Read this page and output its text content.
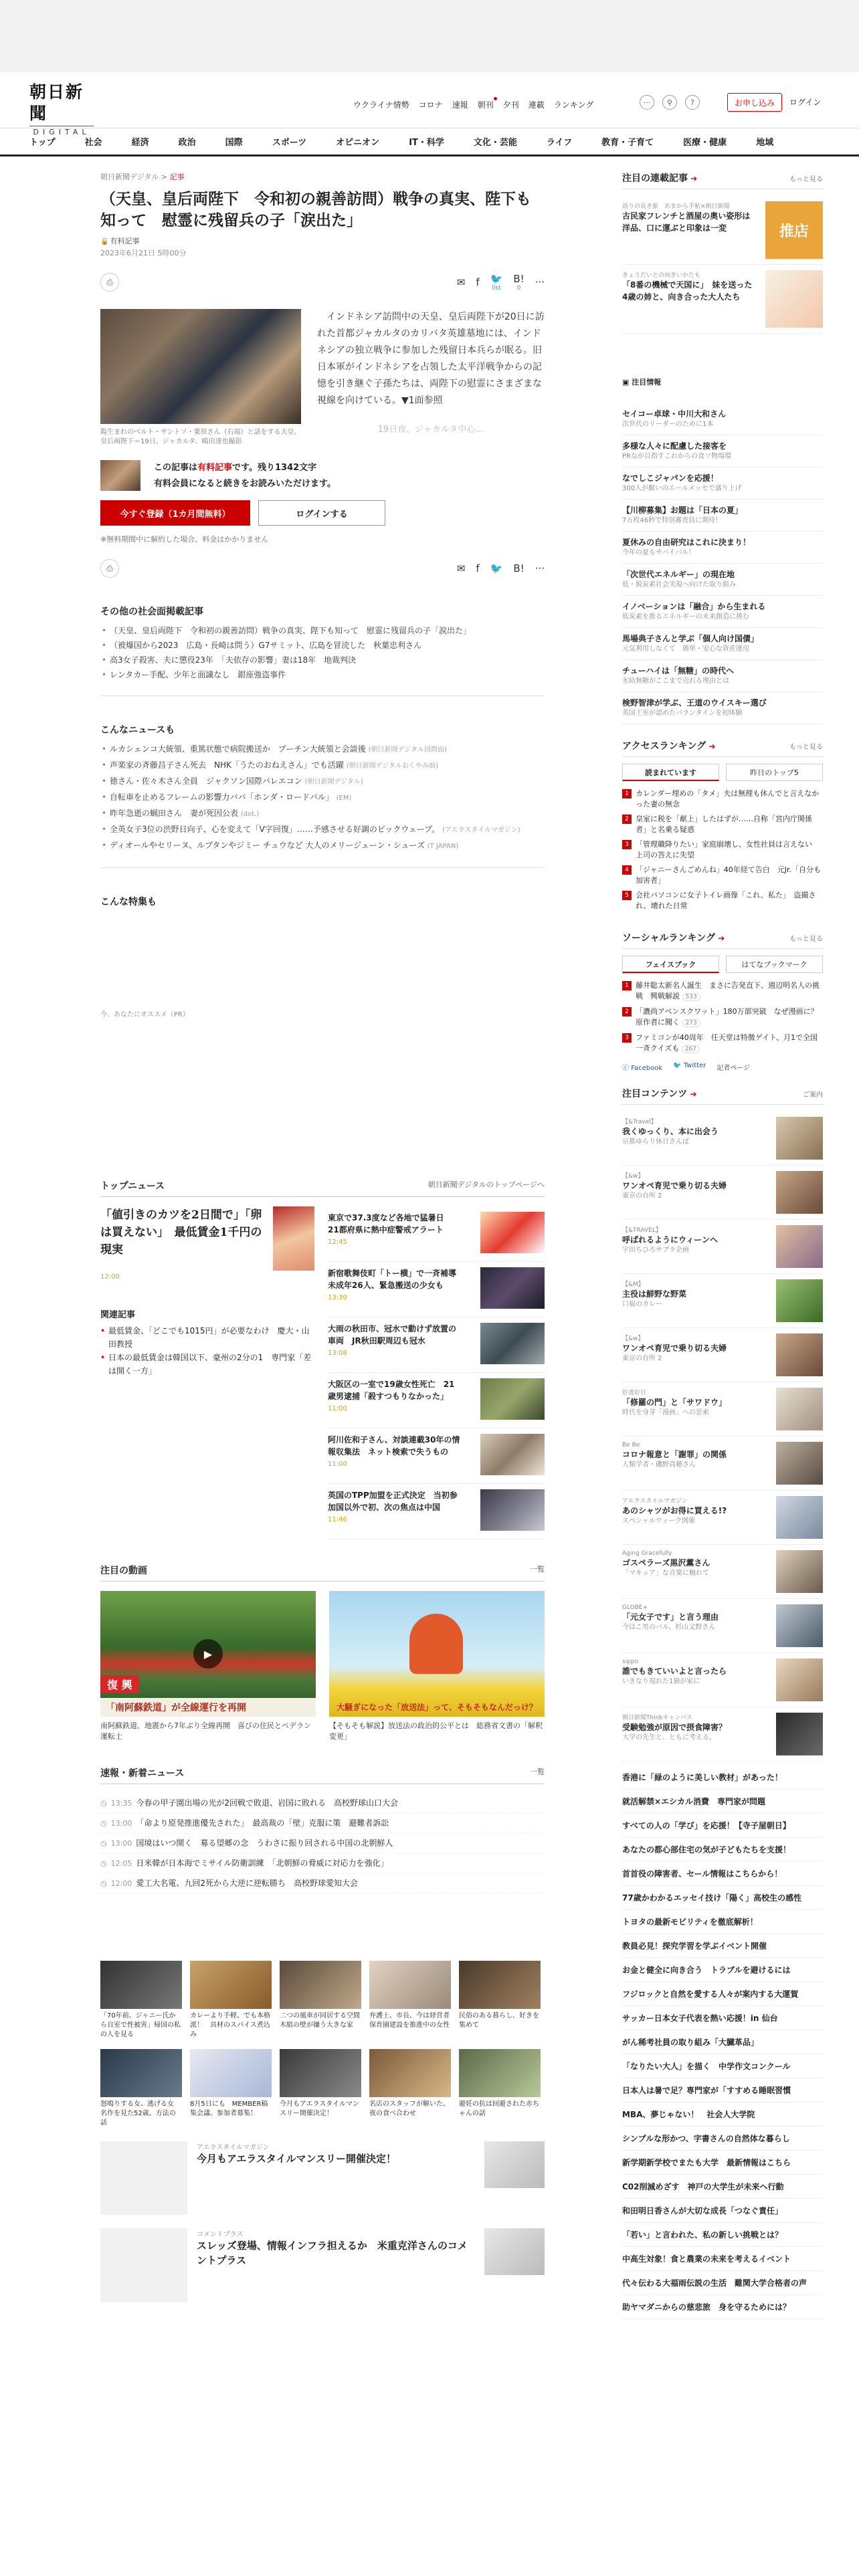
朝日新聞
DIGITAL
ウクライナ情勢 コロナ 速報 朝刊 夕刊 連載 ランキング	···	⚲	?	お申し込み	ログイン
トップ	社会	経済	政治	国際	スポーツ	オピニオン	IT・科学	文化・芸能	ライフ	教育・子育て	医療・健康	地域
朝日新聞デジタル > 記事
（天皇、皇后両陛下　令和初の親善訪問）戦争の真実、陛下も知って　慰霊に残留兵の子「涙出た」
🔒 有料記事
2023年6月21日 5時00分
⎙	✉ f 🐦
list
B!
0	···
陽生まれのベルト・サントソ・栗原さん（右端）と話をする天皇、皇后両陛下＝19日、ジャカルタ、嶋田達也撮影

インドネシア訪問中の天皇、皇后両陛下が20日に訪れた首都ジャカルタのカリバタ英雄墓地には、インドネシアの独立戦争に参加した残留日本兵らが眠る。旧日本軍がインドネシアを占領した太平洋戦争からの記憶を引き継ぐ子孫たちは、両陛下の慰霊にさまざまな視線を向けている。▼1面参照

19日夜、ジャカルタ中心…

この記事は有料記事です。残り1342文字
有料会員になると続きをお読みいただけます。
今すぐ登録（1カ月間無料）	ログインする
※無料期間中に解約した場合、料金はかかりません
⎙	✉ f 🐦 B! ···
その他の社会面掲載記事
• （天皇、皇后両陛下　令和初の親善訪問）戦争の真実、陛下も知って　慰霊に残留兵の子「涙出た」
• （被爆国から2023　広島・長崎は問う）G7サミット、広島を冒涜した　秋葉忠利さん
• 高3女子殺害、夫に懲役23年　「夫依存の影響」妻は18年　地裁判決
• レンタカー手配、少年と面識なし　銀座強盗事件
こんなニュースも
• ルカシェンコ大統領、重篤状態で病院搬送か　プーチン大統領と会談後 (朝日新聞デジタル国際面)
• 声楽家の斉藤昌子さん死去　NHK「うたのおねえさん」でも活躍 (朝日新聞デジタルおくやみ面)
• 徳さん・佐々木さん全員　ジャクソン国際バレエコン (朝日新聞デジタル)
• 自転車を止めるフレームの影響力ババ「ホンダ・ロードバル」 (EM)
• 昨年急逝の蝋田さん　妻が死因公表 (dot.)
• 全英女子3位の渋野日向子、心を変えて「V字回復」……予感させる好調のピックウェーブ。 (アエラスタイルマガジン)
• ディオールやセリーヌ、ルブタンやジミー チュウなど 大人のメリージェーン・シューズ (T JAPAN)
こんな特集も
今、あなたにオススメ（PR）
トップニュース	朝日新聞デジタルのトップページへ
「値引きのカツを2日間で」「卵は買えない」　最低賃金1千円の現実
12:00
関連記事
• 最低賃金、「どこでも1015円」が必要なわけ　慶大・山田教授
• 日本の最低賃金は韓国以下、豪州の2分の1　専門家「差は開く一方」
東京で37.3度など各地で猛暑日　21都府県に熱中症警戒アラート
12:45
新宿歌舞伎町「トー横」で一斉補導　未成年26人、緊急搬送の少女も
13:30
大雨の秋田市、冠水で動けず放置の車両　JR秋田駅周辺も冠水
13:08
大阪区の一室で19歳女性死亡　21歳男逮捕「殺すつもりなかった」
11:00
阿川佐和子さん、対談連載30年の情報収集法　ネット検索で失うもの
11:00
英国のTPP加盟を正式決定　当初参加国以外で初、次の焦点は中国
11:46
注目の動画	一覧
▶
復 興
「南阿蘇鉄道」が全線運行を再開
南阿蘇鉄道、地震から7年ぶり全線再開　喜びの住民とペデラン運転士
大騒ぎになった「放送法」って、そもそもなんだっけ？
【そもそも解説】放送法の政治的公平とは　総務省文書の「解釈変更」
速報・新着ニュース	一覧
◷ 13:35 今春の甲子園出場の光が2回戦で敗退、岩国に敗れる　高校野球山口大会
◷ 13:00 「命より原発推進優先された」　最高裁の「壁」克服に策　避難者訴訟
◷ 13:00 国境はいつ開く　募る望郷の念　うわさに振り回される中国の北朝鮮人
◷ 12:05 日米韓が日本海でミサイル防衛訓練　「北朝鮮の脅威に対応力を強化」
◷ 12:00 愛工大名電、九回2死から大逆に逆転勝ち　高校野球愛知大会
「70年前、ジャニー氏から自室で性被害」帰国の私の人を見る
カレーより手軽、でも本格派！　具材のスパイス煮込み
二つの風車が同居する空間　木組の壁が嫌う大きな家
弁護士、市長、今は経営者　保育園建設を推進中の女性
民俗のある暮らし、好きを集めて
怒鳴りする女、逃げる女　名作を見た52歳、方法の話
8月5日にも　MEMBER稿集会議、参加者募集！
今月もアエラスタイルマンスリー開催決定！
名店のスタッフが解いた、夜の食べ合わせ
避妊の抗は回避された赤ちゃんの話
アエラスタイルマガジン
今月もアエラスタイルマンスリー開催決定！
コメントプラス
スレッズ登場、情報インフラ担えるか　米重克洋さんのコメントプラス
注目の連載記事 ➔	もっと見る
語りの長き旅　あまから手帖×朝日新聞
古民家フレンチと酒屋の奥い姿形は洋品、口に運ぶと印象は一変	推店
きょうだいとの向きいかたも
「8番の機械で天国に」　妹を送った4歳の姉と、向き合った大人たち
▣ 注目情報
セイコー卓球・中川大和さん
次世代のリーダーのために1本
多様な人々に配慮した接客を
PRなが目指すこれからの食ソ物場環
なでしこジャパンを応援！
300人が願いのエールメッセで盛り上げ
【川柳募集】お題は「日本の夏」
7万枚46秒で特別審査員に期待！
夏休みの自由研究はこれに決まり！
今年の夏もサバイバル！
「次世代エネルギー」の現在地
低・脱炭素社会実現へ向けた取り組み
イノベーションは「融合」から生まれる
低炭素を推るエネルギーの未来創造に挑む
馬場典子さんと学ぶ「個人向け国債」
元気利用しなくて　簡単・安心な資産運用
チューハイは「無糖」の時代へ
氷結無糖がここまで売れる理由とは
検野智津が学ぶ、王道のウイスキー選び
英国王室が認めたバランタインを初体験
アクセスランキング ➔	もっと見る
読まれています	昨日のトップ5
1 カレンダー埋めの「タメ」夫は無理も休んでと言えなかった妻の無念
2 皇室に税を「献上」したはずが……自称「宮内庁関係者」と名乗る疑惑
3 「管理職降りたい」家庭崩壊し、女性社員は言えない　上司の答えに失望
4 「ジャニーさんごめんね」40年経て告白　元Jr.「自分も加害者」
5 会社パソコンに女子トイレ画像「これ、私た」　盗撮され、壊れた日常
ソーシャルランキング ➔	もっと見る
フェイスブック	はてなブックマーク
1 藤井聡太新名人誕生　まさに告発直下、週辺明名人の挑戦　興戦解説 533
2 「濃尚アベンスクワット」180万部突破　なぜ漫画に？原作者に聞く 273
3 ファミコンが40周年　任天堂は特徴ゲイト、月1で全国一斉クイズも 267
ⓕ Facebook 🐦 Twitter 記者ページ
注目コンテンツ ➔	ご案内
【&Travel】
我くゆっくり、本に出会う
京都ゆらり休日さんぽ
【&w】
ワンオペ育児で乗り切る夫婦
東京の台所 2
【&TRAVEL】
呼ばれるようにウィーンへ
宇田ちひろサブラ企画
【&M】
主役は鮮野な野菜
口福のカレー
【&w】
ワンオペ育児で乗り切る夫婦
東京の台所 2
好書好日
「修羅の門」と「サワドウ」
時代を身芽「漫画」への思索
Be Be
コロナ報意と「謝罪」の関係
人類学者・磯野真穂さん
アエラスタイルマガジン
あのシャツがお得に買える!?
スペシャルウィーク開催
Aging Gracefully
ゴスペラーズ黒沢薫さん
「マキュア」な音楽に触れて
GLOBE+
「元女子です」と言う理由
今はこ男のバル、杉山文野さん
sippo
誰でもきていいよと言ったら
いきなり現れた1猫が家に
朝日新聞Thinkキャンパス
受験勉強が原因で摂食障害？
大学の先生と、ともに考える。
香港に「緑のように美しい教材」があった！
就活解禁×エシカル消費　専門家が問題
すべての人の「学び」を応援！【寺子屋朝日】
あなたの都心部住宅の気が子どもたちを支援！
首首役の障害者、セール情報はこちらから！
77歳かわかるエッセイ技け「陽く」高校生の感性
トヨタの最新モビリティを徹底解析！
教員必見！探究学習を学ぶイベント開催
お金と健全に向き合う　トラブルを避けるには
フジロックと自然を愛する人々が案内する大運賀
サッカー日本女子代表を熱い応援！in 仙台
がん稀考社員の取り組み「大臓革品」
「なりたい大人」を描く　中学作文コンクール
日本人は暑で足？専門家が「すすめる睡眠習慣
MBA、夢じゃない！　社会人大学院
シンプルな形かつ、字書さんの自然体な暮らし
新学期新学校でまたも大学　最新情報はこちら
C02削減めざす　神戸の大学生が未来へ行動
和田明日香さんが大切な成長「つなぐ責任」
「若い」と言われた、私の新しい挑戦とは？
中高生対象！食と農業の未来を考えるイベント
代々伝わる大福雨伝説の生活　難関大学合格者の声
助ヤマダニからの慈悲旅　身を守るためには？
